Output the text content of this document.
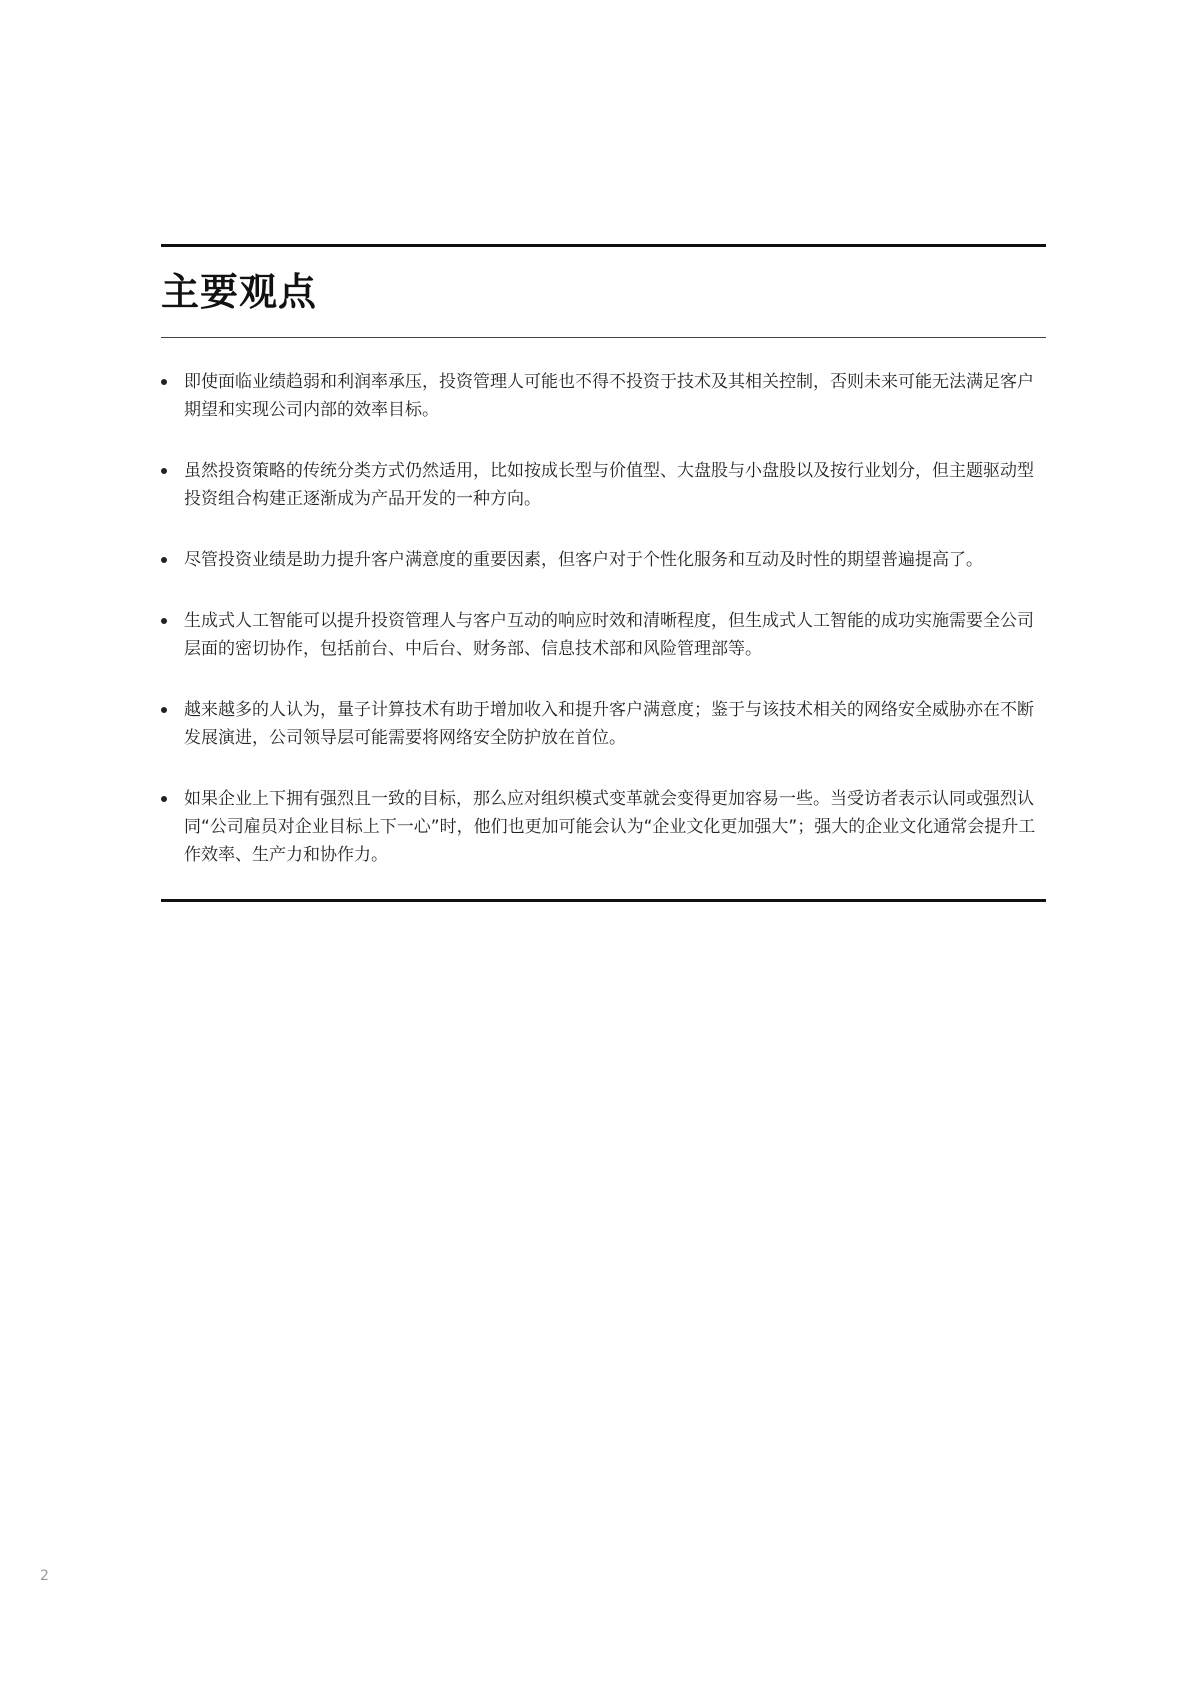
主要观点
即使面临业绩趋弱和利润率承压，投资管理人可能也不得不投资于技术及其相关控制，否则未来可能无法满足客户期望和实现公司内部的效率目标。
虽然投资策略的传统分类方式仍然适用，比如按成长型与价值型、大盘股与小盘股以及按行业划分，但主题驱动型投资组合构建正逐渐成为产品开发的一种方向。
尽管投资业绩是助力提升客户满意度的重要因素，但客户对于个性化服务和互动及时性的期望普遍提高了。
生成式人工智能可以提升投资管理人与客户互动的响应时效和清晰程度，但生成式人工智能的成功实施需要全公司层面的密切协作，包括前台、中后台、财务部、信息技术部和风险管理部等。
越来越多的人认为，量子计算技术有助于增加收入和提升客户满意度；鉴于与该技术相关的网络安全威胁亦在不断发展演进，公司领导层可能需要将网络安全防护放在首位。
如果企业上下拥有强烈且一致的目标，那么应对组织模式变革就会变得更加容易一些。当受访者表示认同或强烈认同“公司雇员对企业目标上下一心”时，他们也更加可能会认为“企业文化更加强大”；强大的企业文化通常会提升工作效率、生产力和协作力。
2
